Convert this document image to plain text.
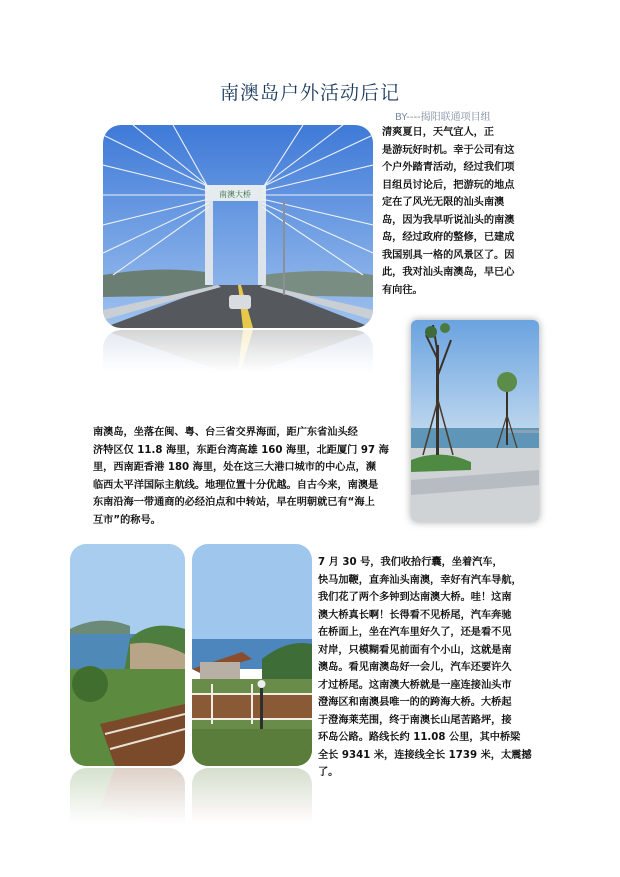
南澳岛户外活动后记
BY----揭阳联通项目组
南澳大桥

清爽夏日，天气宜人，正
是游玩好时机。幸于公司有这
个户外踏青活动，经过我们项
目组员讨论后，把游玩的地点
定在了风光无限的汕头南澳
岛，因为我早听说汕头的南澳
岛，经过政府的整修，已建成
我国别具一格的风景区了。因
此，我对汕头南澳岛，早已心
有向往。

南澳岛，坐落在闽、粤、台三省交界海面，距广东省汕头经
济特区仅 11.8 海里，东距台湾高雄 160 海里，北距厦门 97 海
里，西南距香港 180 海里，处在这三大港口城市的中心点，濒
临西太平洋国际主航线。地理位置十分优越。自古今来，南澳是
东南沿海一带通商的必经泊点和中转站，早在明朝就已有“海上
互市”的称号。

7 月 30 号，我们收拾行囊，坐着汽车，
快马加鞭，直奔汕头南澳，幸好有汽车导航，
我们花了两个多钟到达南澳大桥。哇！这南
澳大桥真长啊！长得看不见桥尾，汽车奔驰
在桥面上，坐在汽车里好久了，还是看不见
对岸，只模糊看见前面有个小山，这就是南
澳岛。看见南澳岛好一会儿，汽车还要许久
才过桥尾。这南澳大桥就是一座连接汕头市
澄海区和南澳县唯一的的跨海大桥。大桥起
于澄海莱芜围，终于南澳长山尾苦路坪，接
环岛公路。路线长约 11.08 公里，其中桥梁
全长 9341 米，连接线全长 1739 米，太震撼
了。
